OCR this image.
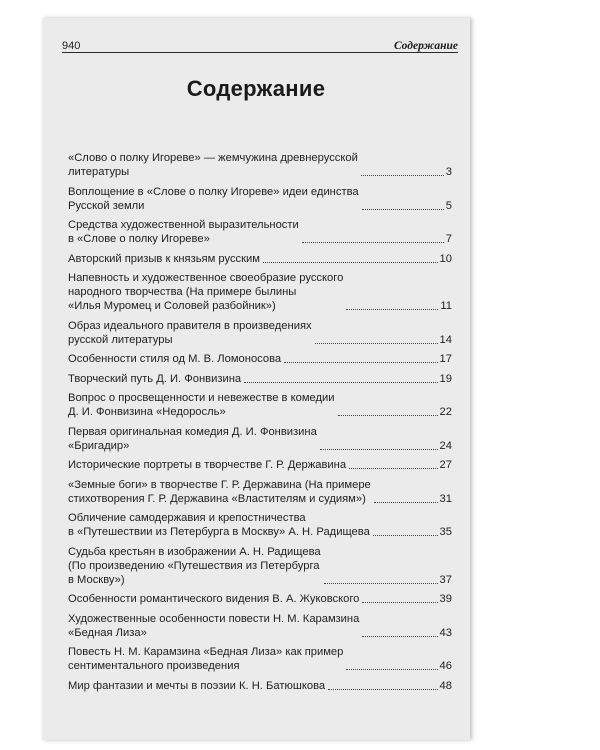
940	Содержание
Содержание
«Слово о полку Игореве» — жемчужина древнерусской
литературы	3
Воплощение в «Слове о полку Игореве» идеи единства
Русской земли	5
Средства художественной выразительности
в «Слове о полку Игореве»	7
Авторский призыв к князьям русским	10
Напевность и художественное своеобразие русского
народного творчества (На примере былины
«Илья Муромец и Соловей разбойник»)	11
Образ идеального правителя в произведениях
русской литературы	14
Особенности стиля од М. В. Ломоносова	17
Творческий путь Д. И. Фонвизина	19
Вопрос о просвещенности и невежестве в комедии
Д. И. Фонвизина «Недоросль»	22
Первая оригинальная комедия Д. И. Фонвизина
«Бригадир»	24
Исторические портреты в творчестве Г. Р. Державина	27
«Земные боги» в творчестве Г. Р. Державина (На примере
стихотворения Г. Р. Державина «Властителям и судиям»)	31
Обличение самодержавия и крепостничества
в «Путешествии из Петербурга в Москву» А. Н. Радищева	35
Судьба крестьян в изображении А. Н. Радищева
(По произведению «Путешествия из Петербурга
в Москву»)	37
Особенности романтического видения В. А. Жуковского	39
Художественные особенности повести Н. М. Карамзина
«Бедная Лиза»	43
Повесть Н. М. Карамзина «Бедная Лиза» как пример
сентиментального произведения	46
Мир фантазии и мечты в поэзии К. Н. Батюшкова	48
